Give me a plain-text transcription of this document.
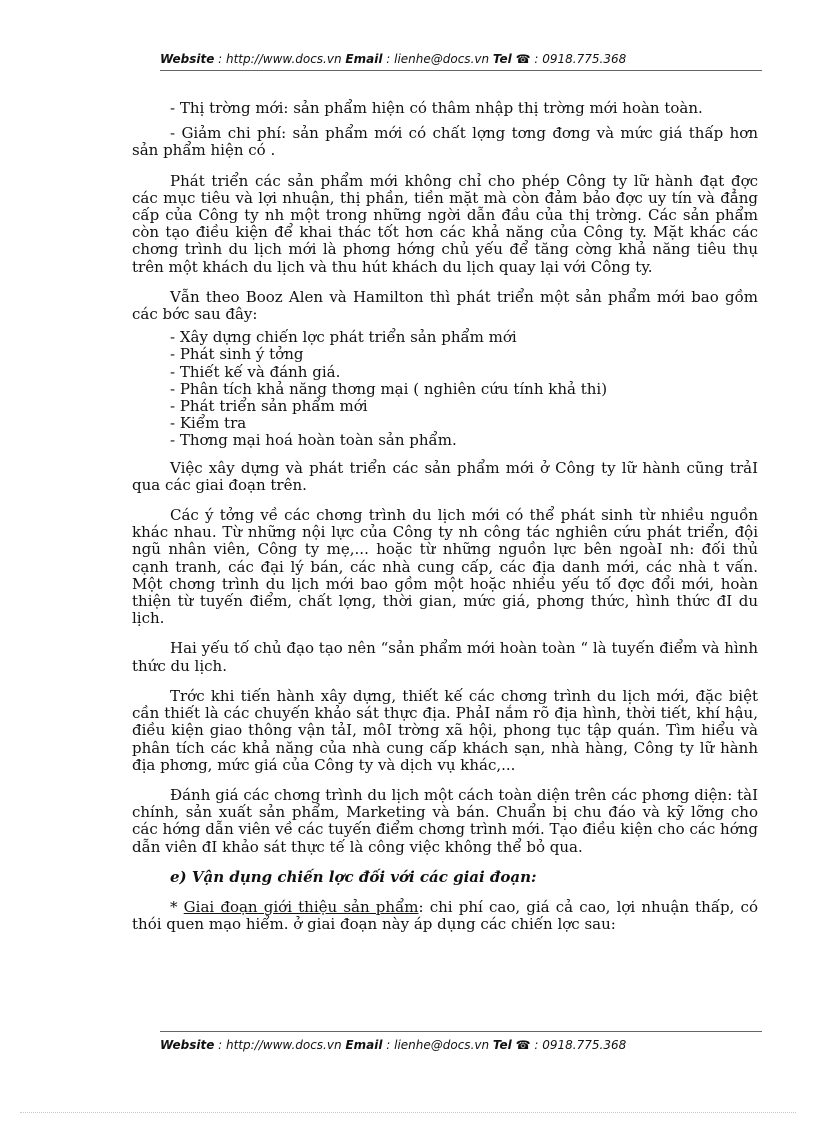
Website : http://www.docs.vn Email : lienhe@docs.vn Tel ☎ : 0918.775.368

- Thị trờng mới: sản phẩm hiện có thâm nhập thị trờng mới hoàn toàn.

- Giảm chi phí: sản phẩm mới có chất lợng tơng đơng và mức giá thấp hơn sản phẩm hiện có .

Phát triển các sản phẩm mới không chỉ cho phép Công ty lữ hành đạt đợc các mục tiêu và lợi nhuận, thị phần, tiền mặt mà còn đảm bảo đợc uy tín và đẳng cấp của Công ty nh một trong những ngời dẫn đầu của thị trờng. Các sản phẩm còn tạo điều kiện để khai thác tốt hơn các khả năng của Công ty. Mặt khác các chơng trình du lịch mới là phơng hớng chủ yếu để tăng cờng khả năng tiêu thụ trên một khách du lịch và thu hút khách du lịch quay lại với Công ty.

Vẫn theo Booz Alen và Hamilton thì phát triển một sản phẩm mới bao gồm các bớc sau đây:

- Xây dựng chiến lợc phát triển sản phẩm mới
- Phát sinh ý tởng
- Thiết kế và đánh giá.
- Phân tích khả năng thơng mại ( nghiên cứu tính khả thi)
- Phát triển sản phẩm mới
- Kiểm tra
- Thơng mại hoá hoàn toàn sản phẩm.

Việc xây dựng và phát triển các sản phẩm mới ở Công ty lữ hành cũng trảI qua các giai đoạn trên.

Các ý tởng về các chơng trình du lịch mới có thể phát sinh từ nhiều nguồn khác nhau. Từ những nội lực của Công ty nh công tác nghiên cứu phát triển, đội ngũ nhân viên, Công ty mẹ,... hoặc từ những nguồn lực bên ngoàI nh: đối thủ cạnh tranh, các đại lý bán, các nhà cung cấp, các địa danh mới, các nhà t vấn. Một chơng trình du lịch mới bao gồm một hoặc nhiều yếu tố đợc đổi mới, hoàn thiện từ tuyến điểm, chất lợng, thời gian, mức giá, phơng thức, hình thức đI du lịch.

Hai yếu tố chủ đạo tạo nên “sản phẩm mới hoàn toàn “ là tuyến điểm và hình thức du lịch.

Trớc khi tiến hành xây dựng, thiết kế các chơng trình du lịch mới, đặc biệt cần thiết là các chuyến khảo sát thực địa. PhảI nắm rõ địa hình, thời tiết, khí hậu, điều kiện giao thông vận tảI, môI trờng xã hội, phong tục tập quán. Tìm hiểu và phân tích các khả năng của nhà cung cấp khách sạn, nhà hàng, Công ty lữ hành địa phơng, mức giá của Công ty và dịch vụ khác,...

Đánh giá các chơng trình du lịch một cách toàn diện trên các phơng diện: tàI chính, sản xuất sản phẩm, Marketing và bán. Chuẩn bị chu đáo và kỹ lỡng cho các hớng dẫn viên về các tuyến điểm chơng trình mới. Tạo điều kiện cho các hớng dẫn viên đI khảo sát thực tế là công việc không thể bỏ qua.

e) Vận dụng chiến lợc đối với các giai đoạn:

* Giai đoạn giới thiệu sản phẩm: chi phí cao, giá cả cao, lợi nhuận thấp, có thói quen mạo hiểm. ở giai đoạn này áp dụng các chiến lợc sau:

Website : http://www.docs.vn Email : lienhe@docs.vn Tel ☎ : 0918.775.368
